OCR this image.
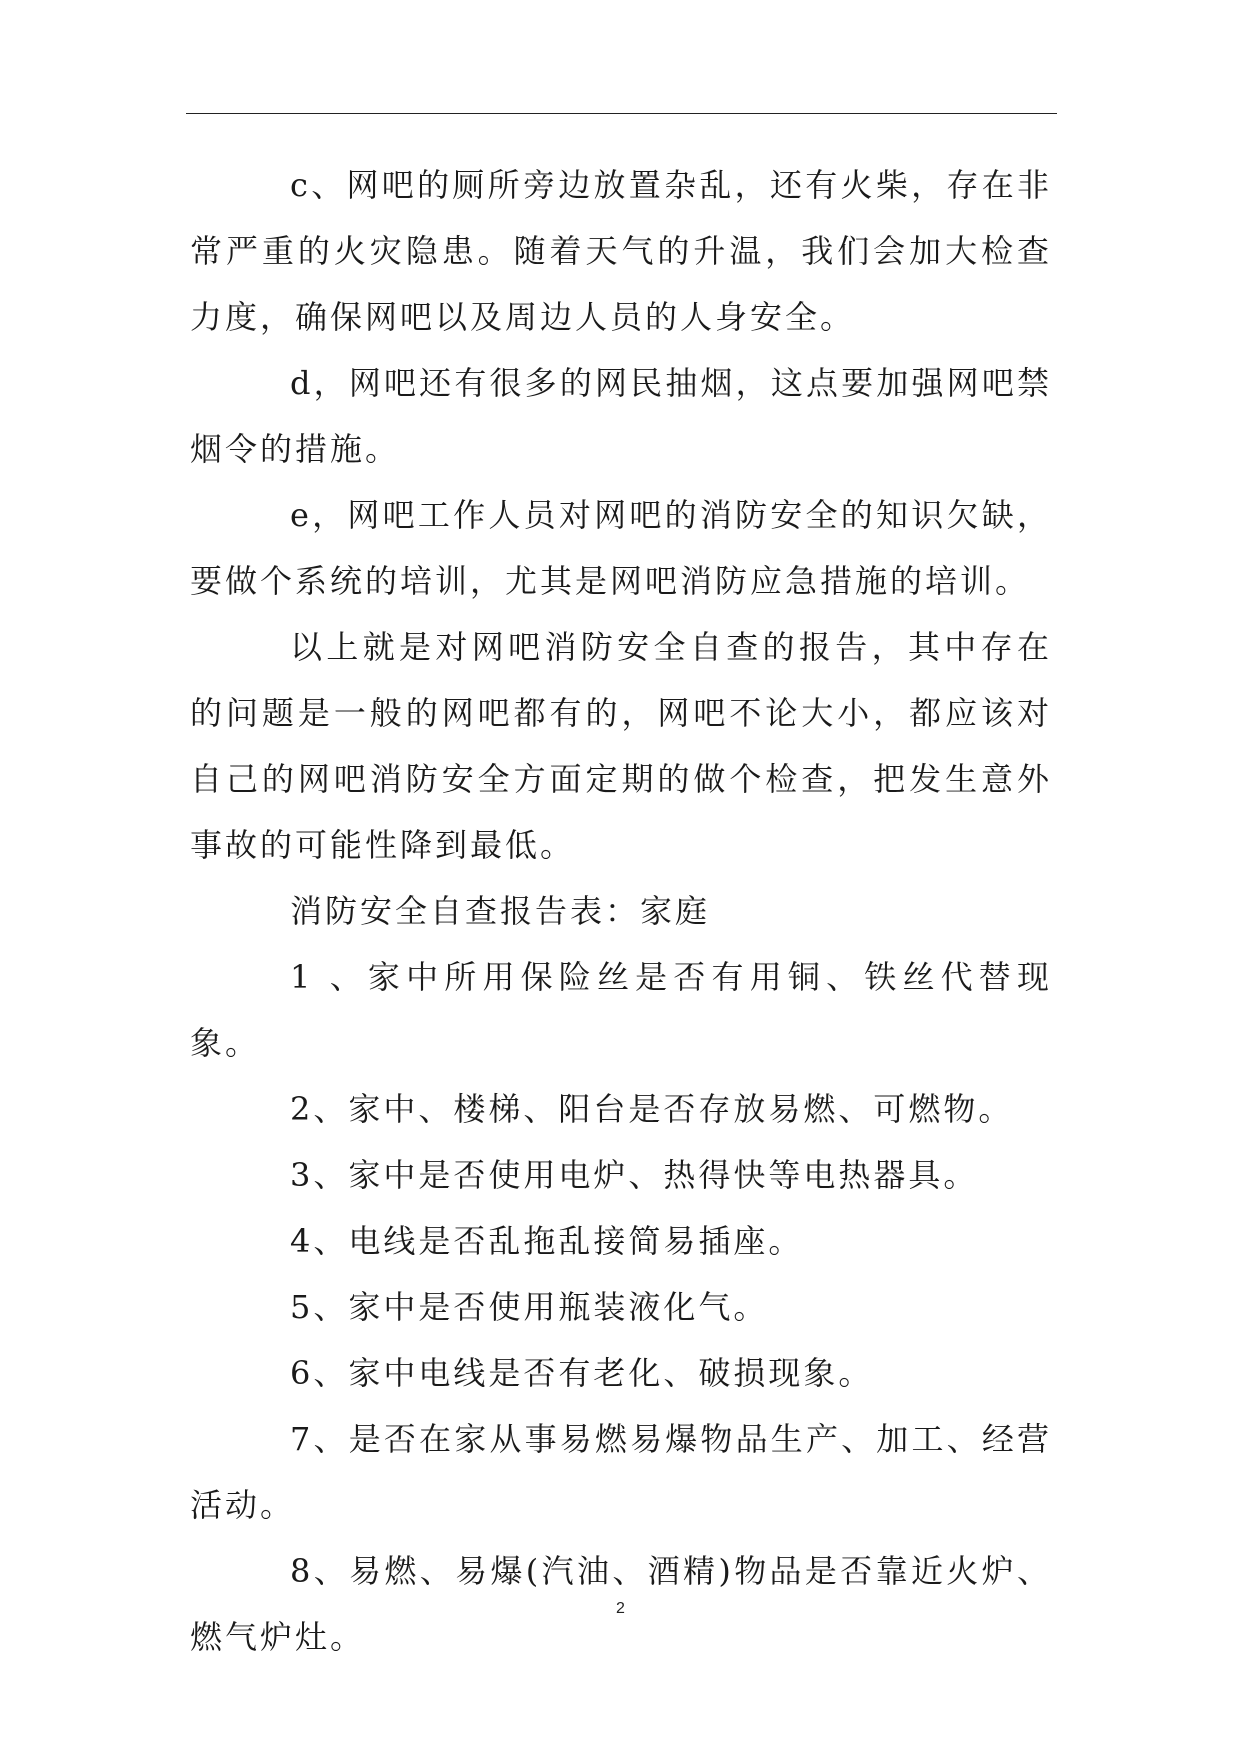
c、网吧的厕所旁边放置杂乱，还有火柴，存在非常严重的火灾隐患。随着天气的升温，我们会加大检查力度，确保网吧以及周边人员的人身安全。

d，网吧还有很多的网民抽烟，这点要加强网吧禁烟令的措施。

e，网吧工作人员对网吧的消防安全的知识欠缺，要做个系统的培训，尤其是网吧消防应急措施的培训。

以上就是对网吧消防安全自查的报告，其中存在的问题是一般的网吧都有的，网吧不论大小，都应该对自己的网吧消防安全方面定期的做个检查，把发生意外事故的可能性降到最低。

消防安全自查报告表：家庭

1 、家中所用保险丝是否有用铜、铁丝代替现象。

2、家中、楼梯、阳台是否存放易燃、可燃物。

3、家中是否使用电炉、热得快等电热器具。

4、电线是否乱拖乱接简易插座。

5、家中是否使用瓶装液化气。

6、家中电线是否有老化、破损现象。

7、是否在家从事易燃易爆物品生产、加工、经营活动。

8、易燃、易爆(汽油、酒精)物品是否靠近火炉、燃气炉灶。

2
